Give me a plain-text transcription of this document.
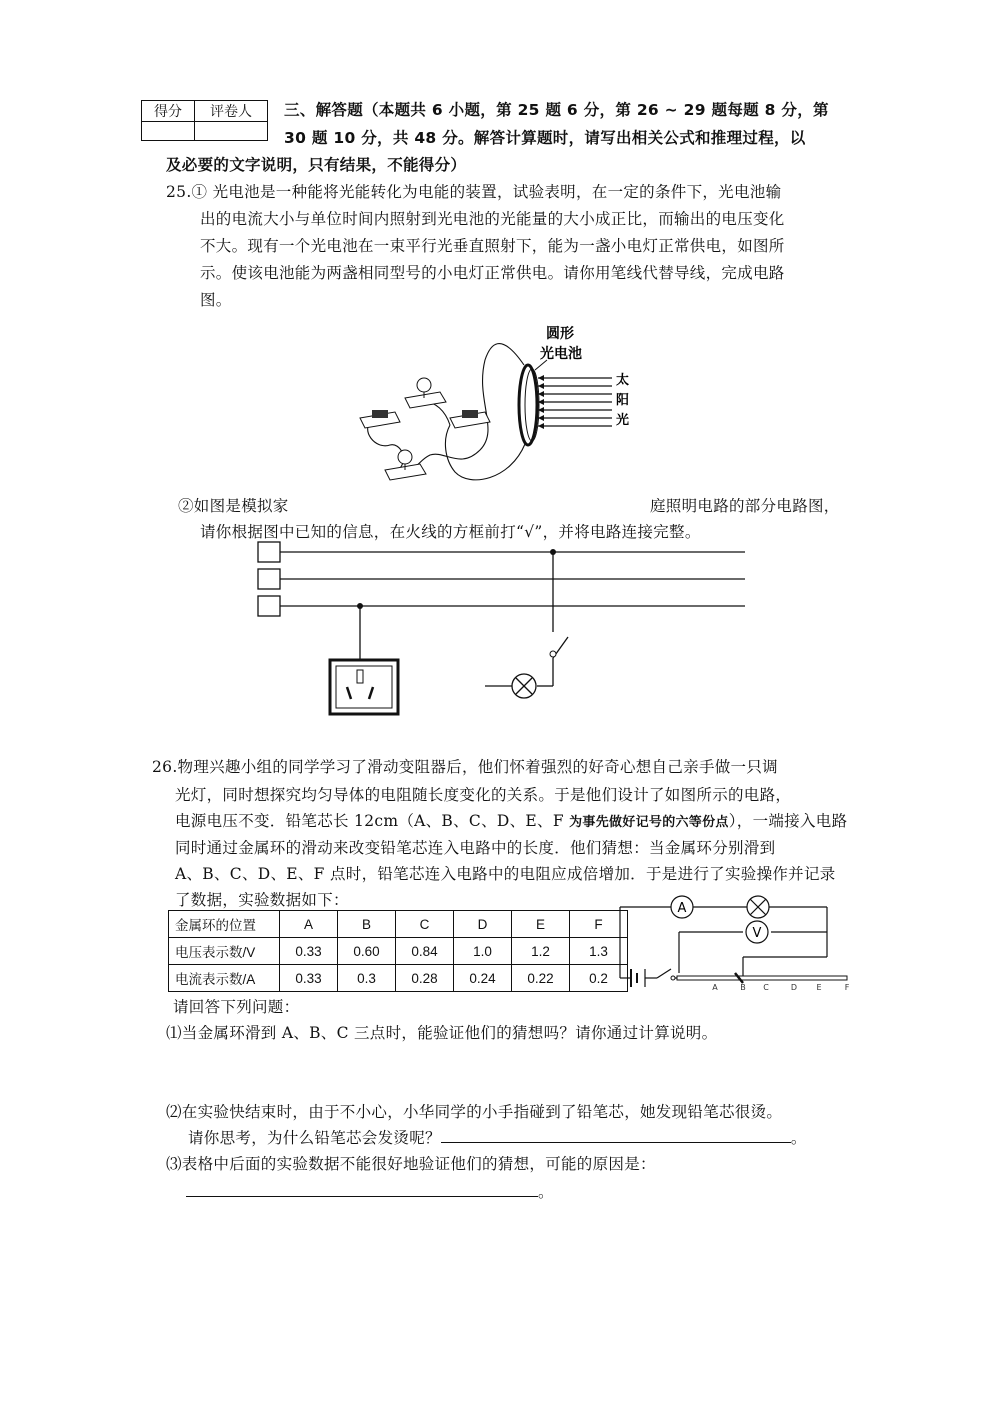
得分	评卷人
	三、解答题（本题共 6 小题，第 25 题 6 分，第 26 ~ 29 题每题 8 分，第
30 题 10 分，共 48 分。解答计算题时，请写出相关公式和推理过程，以
及必要的文字说明，只有结果，不能得分）
25.① 光电池是一种能将光能转化为电能的装置，试验表明，在一定的条件下，光电池输
出的电流大小与单位时间内照射到光电池的光能量的大小成正比，而输出的电压变化
不大。现有一个光电池在一束平行光垂直照射下，能为一盏小电灯正常供电，如图所
示。使该电池能为两盏相同型号的小电灯正常供电。请你用笔线代替导线，完成电路
图。
圆形
光电池
太
阳
光
②如图是模拟家	庭照明电路的部分电路图，
请你根据图中已知的信息，在火线的方框前打“√”，并将电路连接完整。
26.物理兴趣小组的同学学习了滑动变阻器后，他们怀着强烈的好奇心想自己亲手做一只调
光灯，同时想探究均匀导体的电阻随长度变化的关系。于是他们设计了如图所示的电路，
电源电压不变．铅笔芯长 12cm（A、B、C、D、E、F 为事先做好记号的六等份点），一端接入电路
同时通过金属环的滑动来改变铅笔芯连入电路中的长度．他们猜想：当金属环分别滑到
A、B、C、D、E、F 点时，铅笔芯连入电路中的电阻应成倍增加．于是进行了实验操作并记录
了数据，实验数据如下：
金属环的位置	A	B	C	D	E	F
电压表示数/V	0.33	0.60	0.84	1.0	1.2	1.3
电流表示数/A	0.33	0.3	0.28	0.24	0.22	0.2
A
V
A	B C	D E	F
请回答下列问题：
⑴当金属环滑到 A、B、C 三点时，能验证他们的猜想吗？请你通过计算说明。
⑵在实验快结束时，由于不小心，小华同学的小手指碰到了铅笔芯，她发现铅笔芯很烫。
请你思考，为什么铅笔芯会发烫呢？	。
⑶表格中后面的实验数据不能很好地验证他们的猜想，可能的原因是：
。
